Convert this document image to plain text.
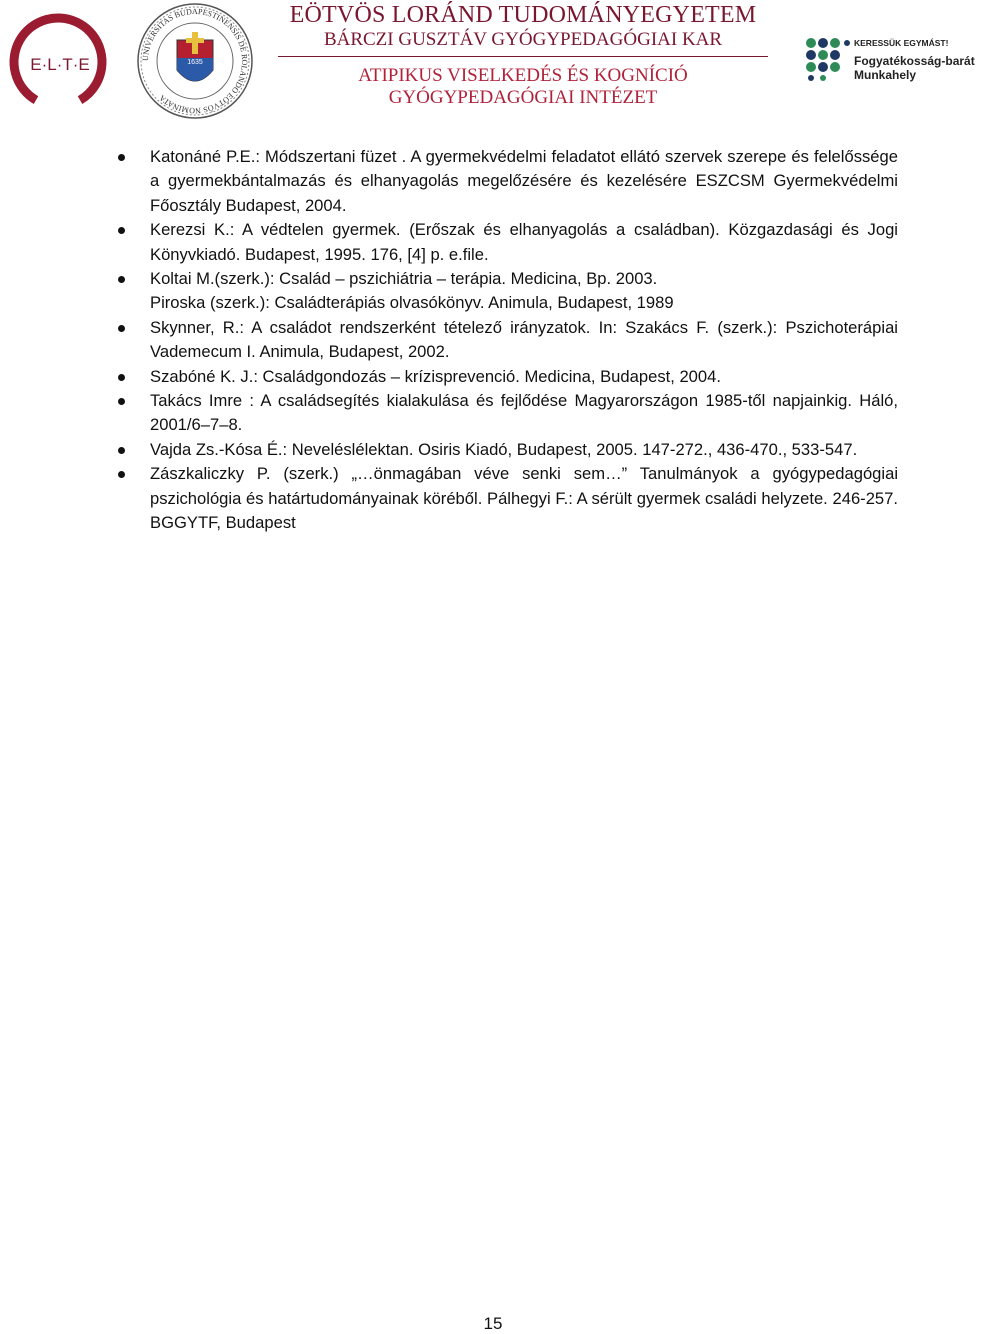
E·L·T·E	UNIVERSITAS BUDAPESTINENSIS DE ROLANDO EÖTVÖS NOMINATA
1635
EÖTVÖS LORÁND TUDOMÁNYEGYETEM
BÁRCZI GUSZTÁV GYÓGYPEDAGÓGIAI KAR
ATIPIKUS VISELKEDÉS ÉS KOGNÍCIÓ
GYÓGYPEDAGÓGIAI INTÉZET
KERESSÜK EGYMÁST!
Fogyatékosság-barát
Munkahely
Katonáné P.E.: Módszertani füzet . A gyermekvédelmi feladatot ellátó szervek szerepe és felelőssége a gyermekbántalmazás és elhanyagolás megelőzésére és kezelésére ESZCSM Gyermekvédelmi Főosztály Budapest, 2004.
Kerezsi K.: A védtelen gyermek. (Erőszak és elhanyagolás a családban). Közgazdasági és Jogi Könyvkiadó. Budapest, 1995. 176, [4] p. e.file.
Koltai M.(szerk.): Család – pszichiátria – terápia. Medicina, Bp. 2003.
Piroska (szerk.): Családterápiás olvasókönyv. Animula, Budapest, 1989
Skynner, R.: A családot rendszerként tételező irányzatok. In: Szakács F. (szerk.): Pszichoterápiai Vademecum I. Animula, Budapest, 2002.
Szabóné K. J.: Családgondozás – krízisprevenció. Medicina, Budapest, 2004.
Takács Imre : A családsegítés kialakulása és fejlődése Magyarországon 1985-től napjainkig. Háló, 2001/6–7–8.
Vajda Zs.-Kósa É.: Neveléslélektan. Osiris Kiadó, Budapest, 2005. 147-272., 436-470., 533-547.
Zászkaliczky P. (szerk.) „…önmagában véve senki sem…” Tanulmányok a gyógypedagógiai pszichológia és határtudományainak köréből. Pálhegyi F.: A sérült gyermek családi helyzete. 246-257. BGGYTF, Budapest
15
